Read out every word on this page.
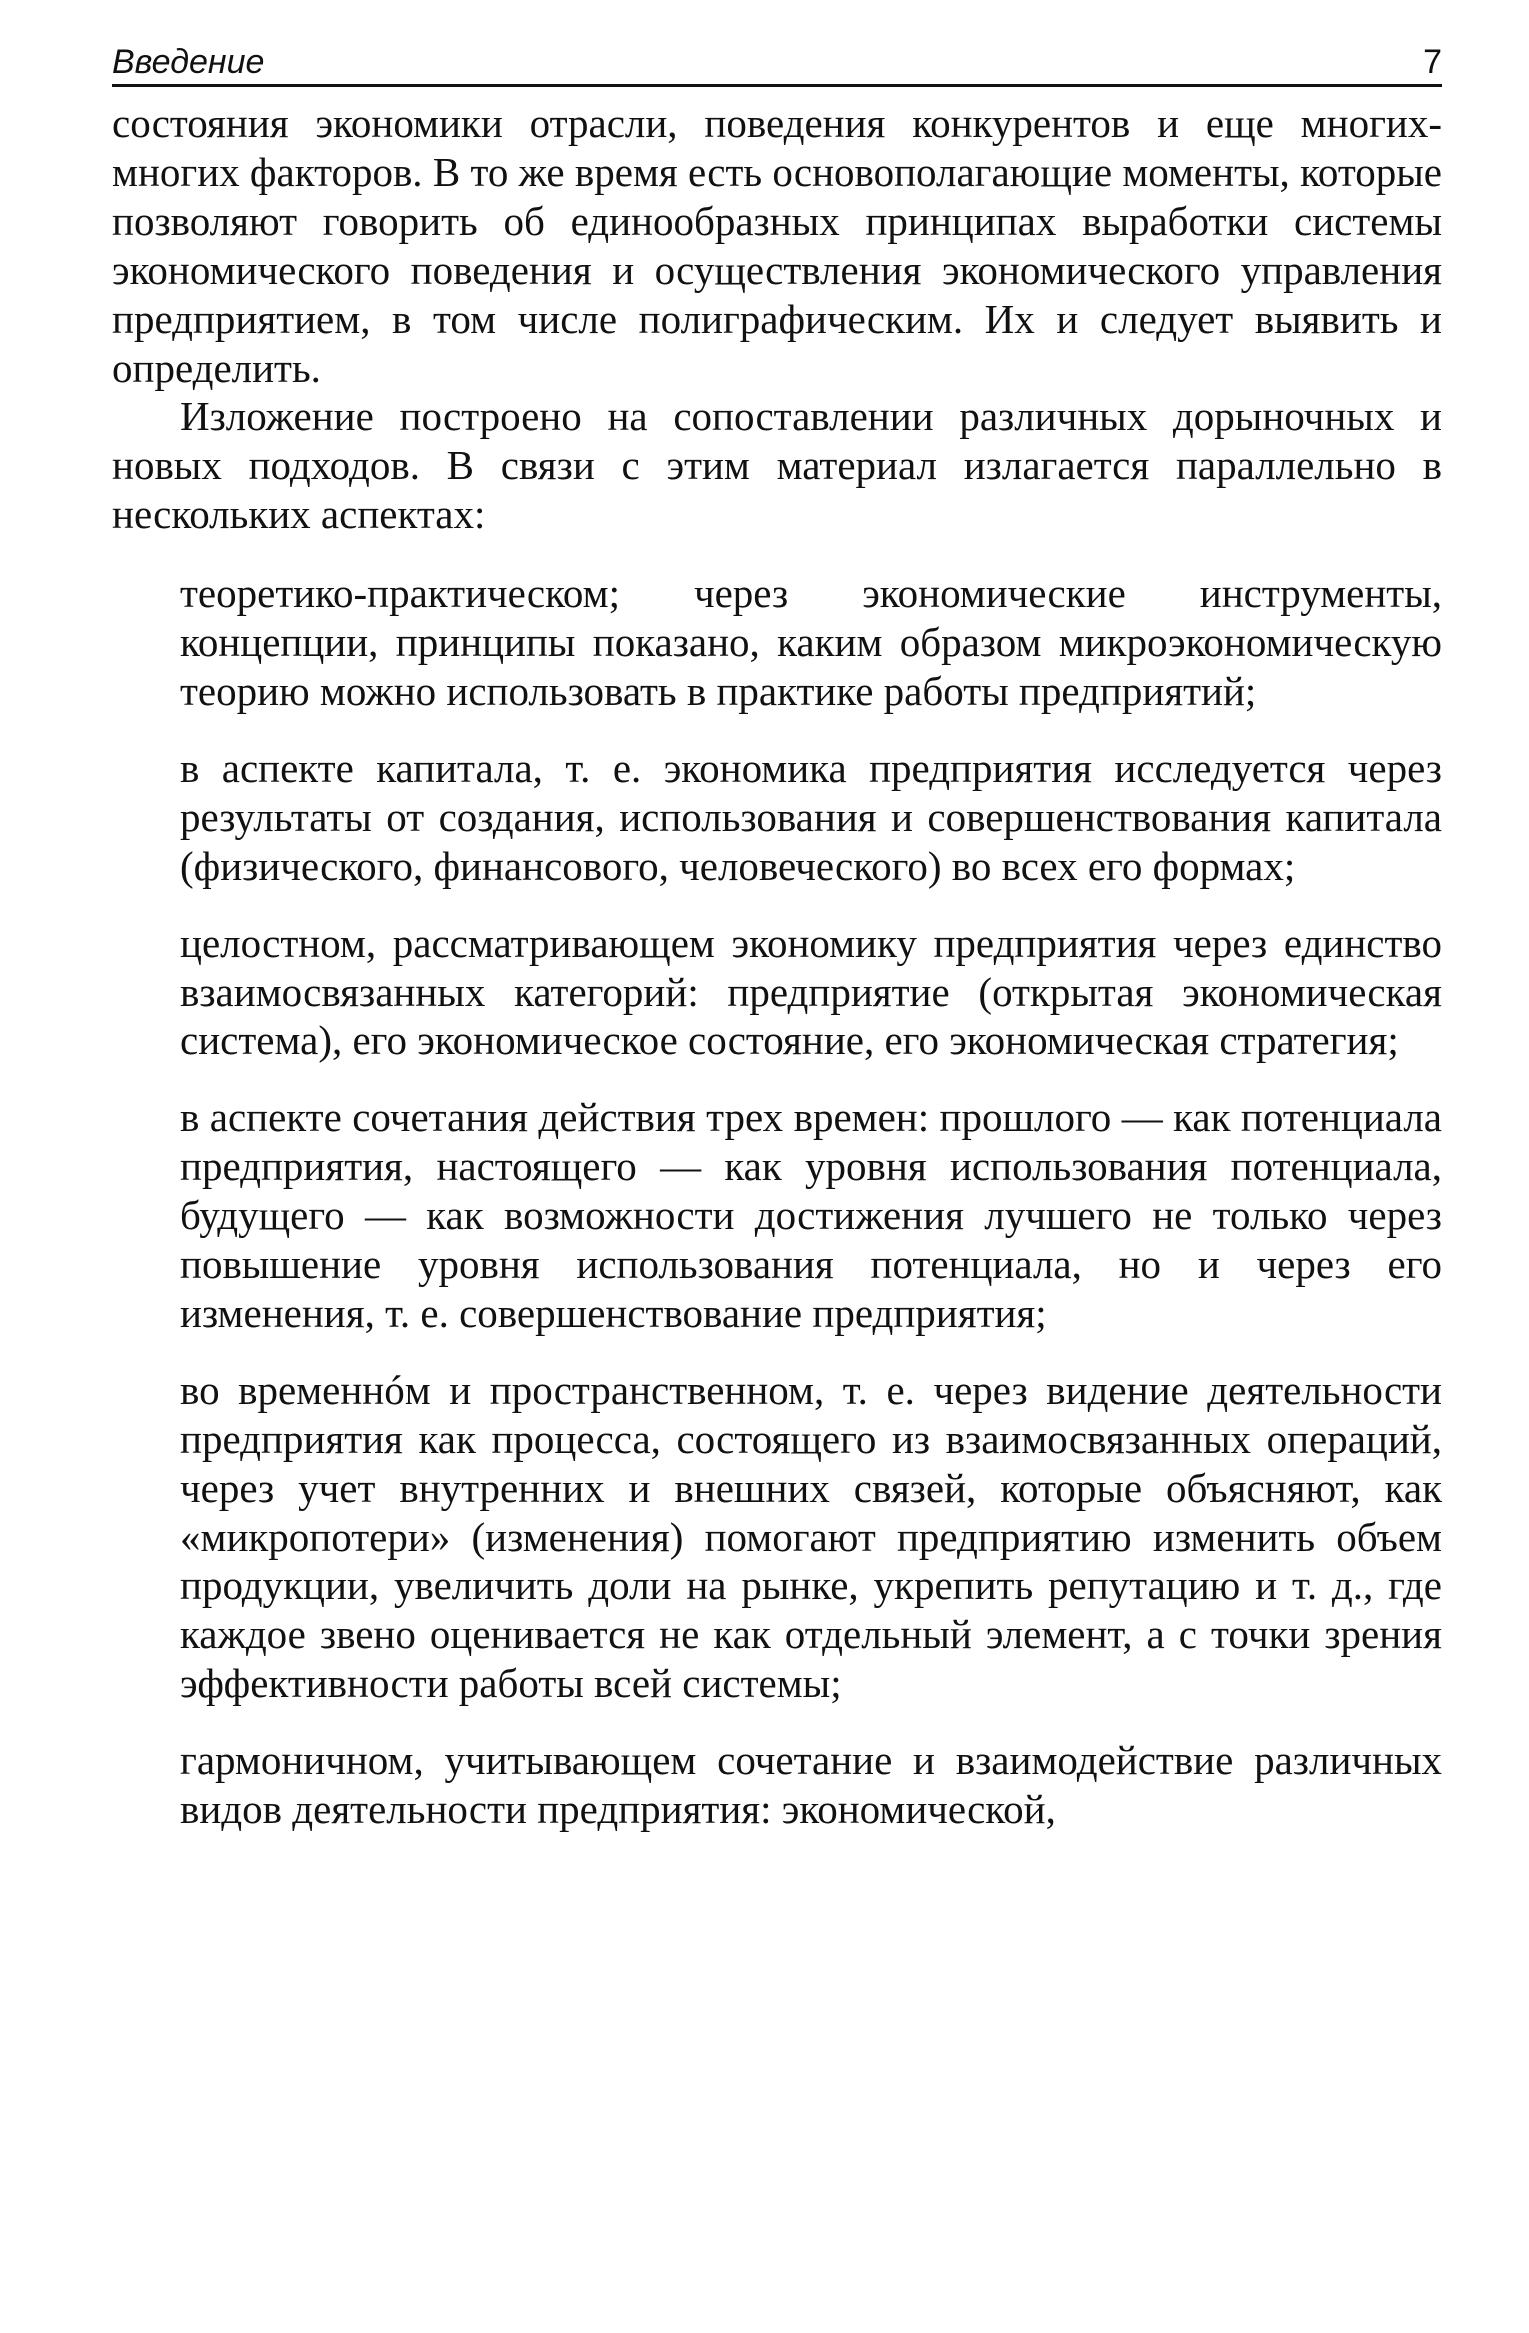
Введение	7

состояния экономики отрасли, поведения конкурентов и еще многих-многих факторов. В то же время есть основополагающие моменты, которые позволяют говорить об единообразных принципах выработки системы экономического поведения и осуществления экономического управления предприятием, в том числе полиграфическим. Их и следует выявить и определить.

Изложение построено на сопоставлении различных дорыночных и новых подходов. В связи с этим материал излагается параллельно в нескольких аспектах:

теоретико-практическом; через экономические инструменты, концепции, принципы показано, каким образом микроэкономическую теорию можно использовать в практике работы предприятий;

в аспекте капитала, т. е. экономика предприятия исследуется через результаты от создания, использования и совершенствования капитала (физического, финансового, человеческого) во всех его формах;

целостном, рассматривающем экономику предприятия через единство взаимосвязанных категорий: предприятие (открытая экономическая система), его экономическое состояние, его экономическая стратегия;

в аспекте сочетания действия трех времен: прошлого — как потенциала предприятия, настоящего — как уровня использования потенциала, будущего — как возможности достижения лучшего не только через повышение уровня использования потенциала, но и через его изменения, т. е. совершенствование предприятия;

во временнóм и пространственном, т. е. через видение деятельности предприятия как процесса, состоящего из взаимосвязанных операций, через учет внутренних и внешних связей, которые объясняют, как «микропотери» (изменения) помогают предприятию изменить объем продукции, увеличить доли на рынке, укрепить репутацию и т. д., где каждое звено оценивается не как отдельный элемент, а с точки зрения эффективности работы всей системы;

гармоничном, учитывающем сочетание и взаимодействие различных видов деятельности предприятия: экономической,
